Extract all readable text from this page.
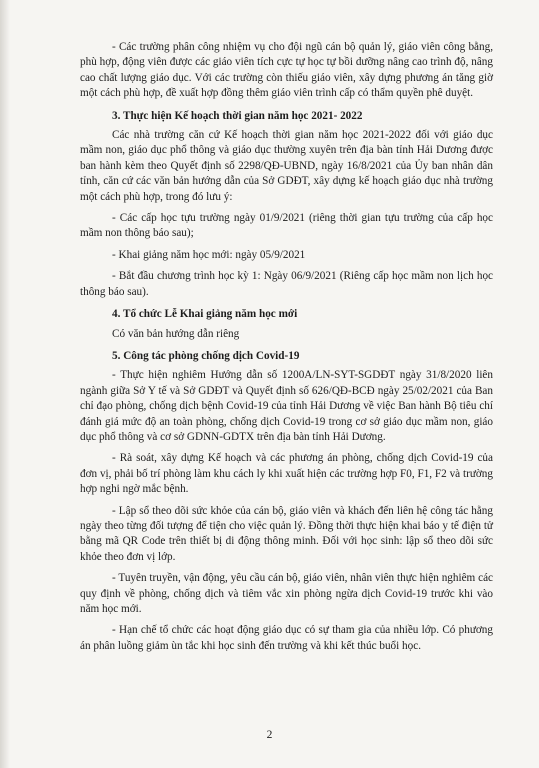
- Các trường phân công nhiệm vụ cho đội ngũ cán bộ quản lý, giáo viên công bằng, phù hợp, động viên được các giáo viên tích cực tự học tự bồi dưỡng nâng cao trình độ, nâng cao chất lượng giáo dục. Với các trường còn thiếu giáo viên, xây dựng phương án tăng giờ một cách phù hợp, đề xuất hợp đồng thêm giáo viên trình cấp có thẩm quyền phê duyệt.

3. Thực hiện Kế hoạch thời gian năm học 2021- 2022

Các nhà trường căn cứ Kế hoạch thời gian năm học 2021-2022 đối với giáo dục mầm non, giáo dục phổ thông và giáo dục thường xuyên trên địa bàn tỉnh Hải Dương được ban hành kèm theo Quyết định số 2298/QĐ-UBND, ngày 16/8/2021 của Ủy ban nhân dân tỉnh, căn cứ các văn bản hướng dẫn của Sở GDĐT, xây dựng kế hoạch giáo dục nhà trường một cách phù hợp, trong đó lưu ý:

- Các cấp học tựu trường ngày 01/9/2021 (riêng thời gian tựu trường của cấp học mầm non thông báo sau);

- Khai giảng năm học mới: ngày 05/9/2021

- Bắt đầu chương trình học kỳ 1: Ngày 06/9/2021 (Riêng cấp học mầm non lịch học thông báo sau).

4. Tổ chức Lễ Khai giảng năm học mới

Có văn bản hướng dẫn riêng

5. Công tác phòng chống dịch Covid-19

- Thực hiện nghiêm Hướng dẫn số 1200A/LN-SYT-SGDĐT ngày 31/8/2020 liên ngành giữa Sở Y tế và Sở GDĐT và Quyết định số 626/QĐ-BCĐ ngày 25/02/2021 của Ban chỉ đạo phòng, chống dịch bệnh Covid-19 của tỉnh Hải Dương về việc Ban hành Bộ tiêu chí đánh giá mức độ an toàn phòng, chống dịch Covid-19 trong cơ sở giáo dục mầm non, giáo dục phổ thông và cơ sở GDNN-GDTX trên địa bàn tỉnh Hải Dương.

- Rà soát, xây dựng Kế hoạch và các phương án phòng, chống dịch Covid-19 của đơn vị, phải bố trí phòng làm khu cách ly khi xuất hiện các trường hợp F0, F1, F2 và trường hợp nghi ngờ mắc bệnh.

- Lập sổ theo dõi sức khỏe của cán bộ, giáo viên và khách đến liên hệ công tác hằng ngày theo từng đối tượng để tiện cho việc quản lý. Đồng thời thực hiện khai báo y tế điện tử bằng mã QR Code trên thiết bị di động thông minh. Đối với học sinh: lập sổ theo dõi sức khỏe theo đơn vị lớp.

- Tuyên truyền, vận động, yêu cầu cán bộ, giáo viên, nhân viên thực hiện nghiêm các quy định về phòng, chống dịch và tiêm vắc xin phòng ngừa dịch Covid-19 trước khi vào năm học mới.

- Hạn chế tổ chức các hoạt động giáo dục có sự tham gia của nhiều lớp. Có phương án phân luồng giảm ùn tắc khi học sinh đến trường và khi kết thúc buổi học.

2
